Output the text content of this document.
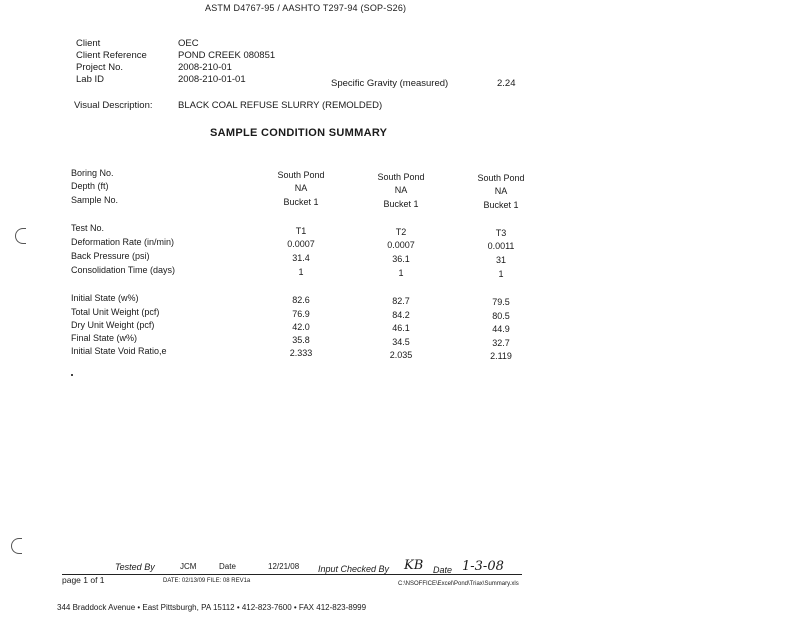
ASTM D4767-95 / AASHTO T297-94 (SOP-S26)
Client	OEC
Client Reference	POND CREEK 080851
Project No.	2008-210-01
Lab ID	2008-210-01-01	Specific Gravity (measured)	2.24
Visual Description:	BLACK COAL REFUSE SLURRY (REMOLDED)
SAMPLE CONDITION SUMMARY
Boring No.	South Pond	South Pond	South Pond
Depth (ft)	NA	NA	NA
Sample No.	Bucket 1	Bucket 1	Bucket 1
Test No.	T1	T2	T3
Deformation Rate (in/min)	0.0007	0.0007	0.0011
Back Pressure (psi)	31.4	36.1	31
Consolidation Time (days)	1	1	1
Initial State (w%)	82.6	82.7	79.5
Total Unit Weight (pcf)	76.9	84.2	80.5
Dry Unit Weight (pcf)	42.0	46.1	44.9
Final State (w%)	35.8	34.5	32.7
Initial State Void Ratio,e	2.333	2.035	2.119
Tested By	JCM	Date	12/21/08 Input Checked By KB Date 1-3-08
page 1 of 1	DATE: 02/13/09 FILE: 08 REV1a	C:\NSOFFICE\Excel\Pond\Triax\Summary.xls
344 Braddock Avenue • East Pittsburgh, PA 15112 • 412-823-7600 • FAX 412-823-8999
